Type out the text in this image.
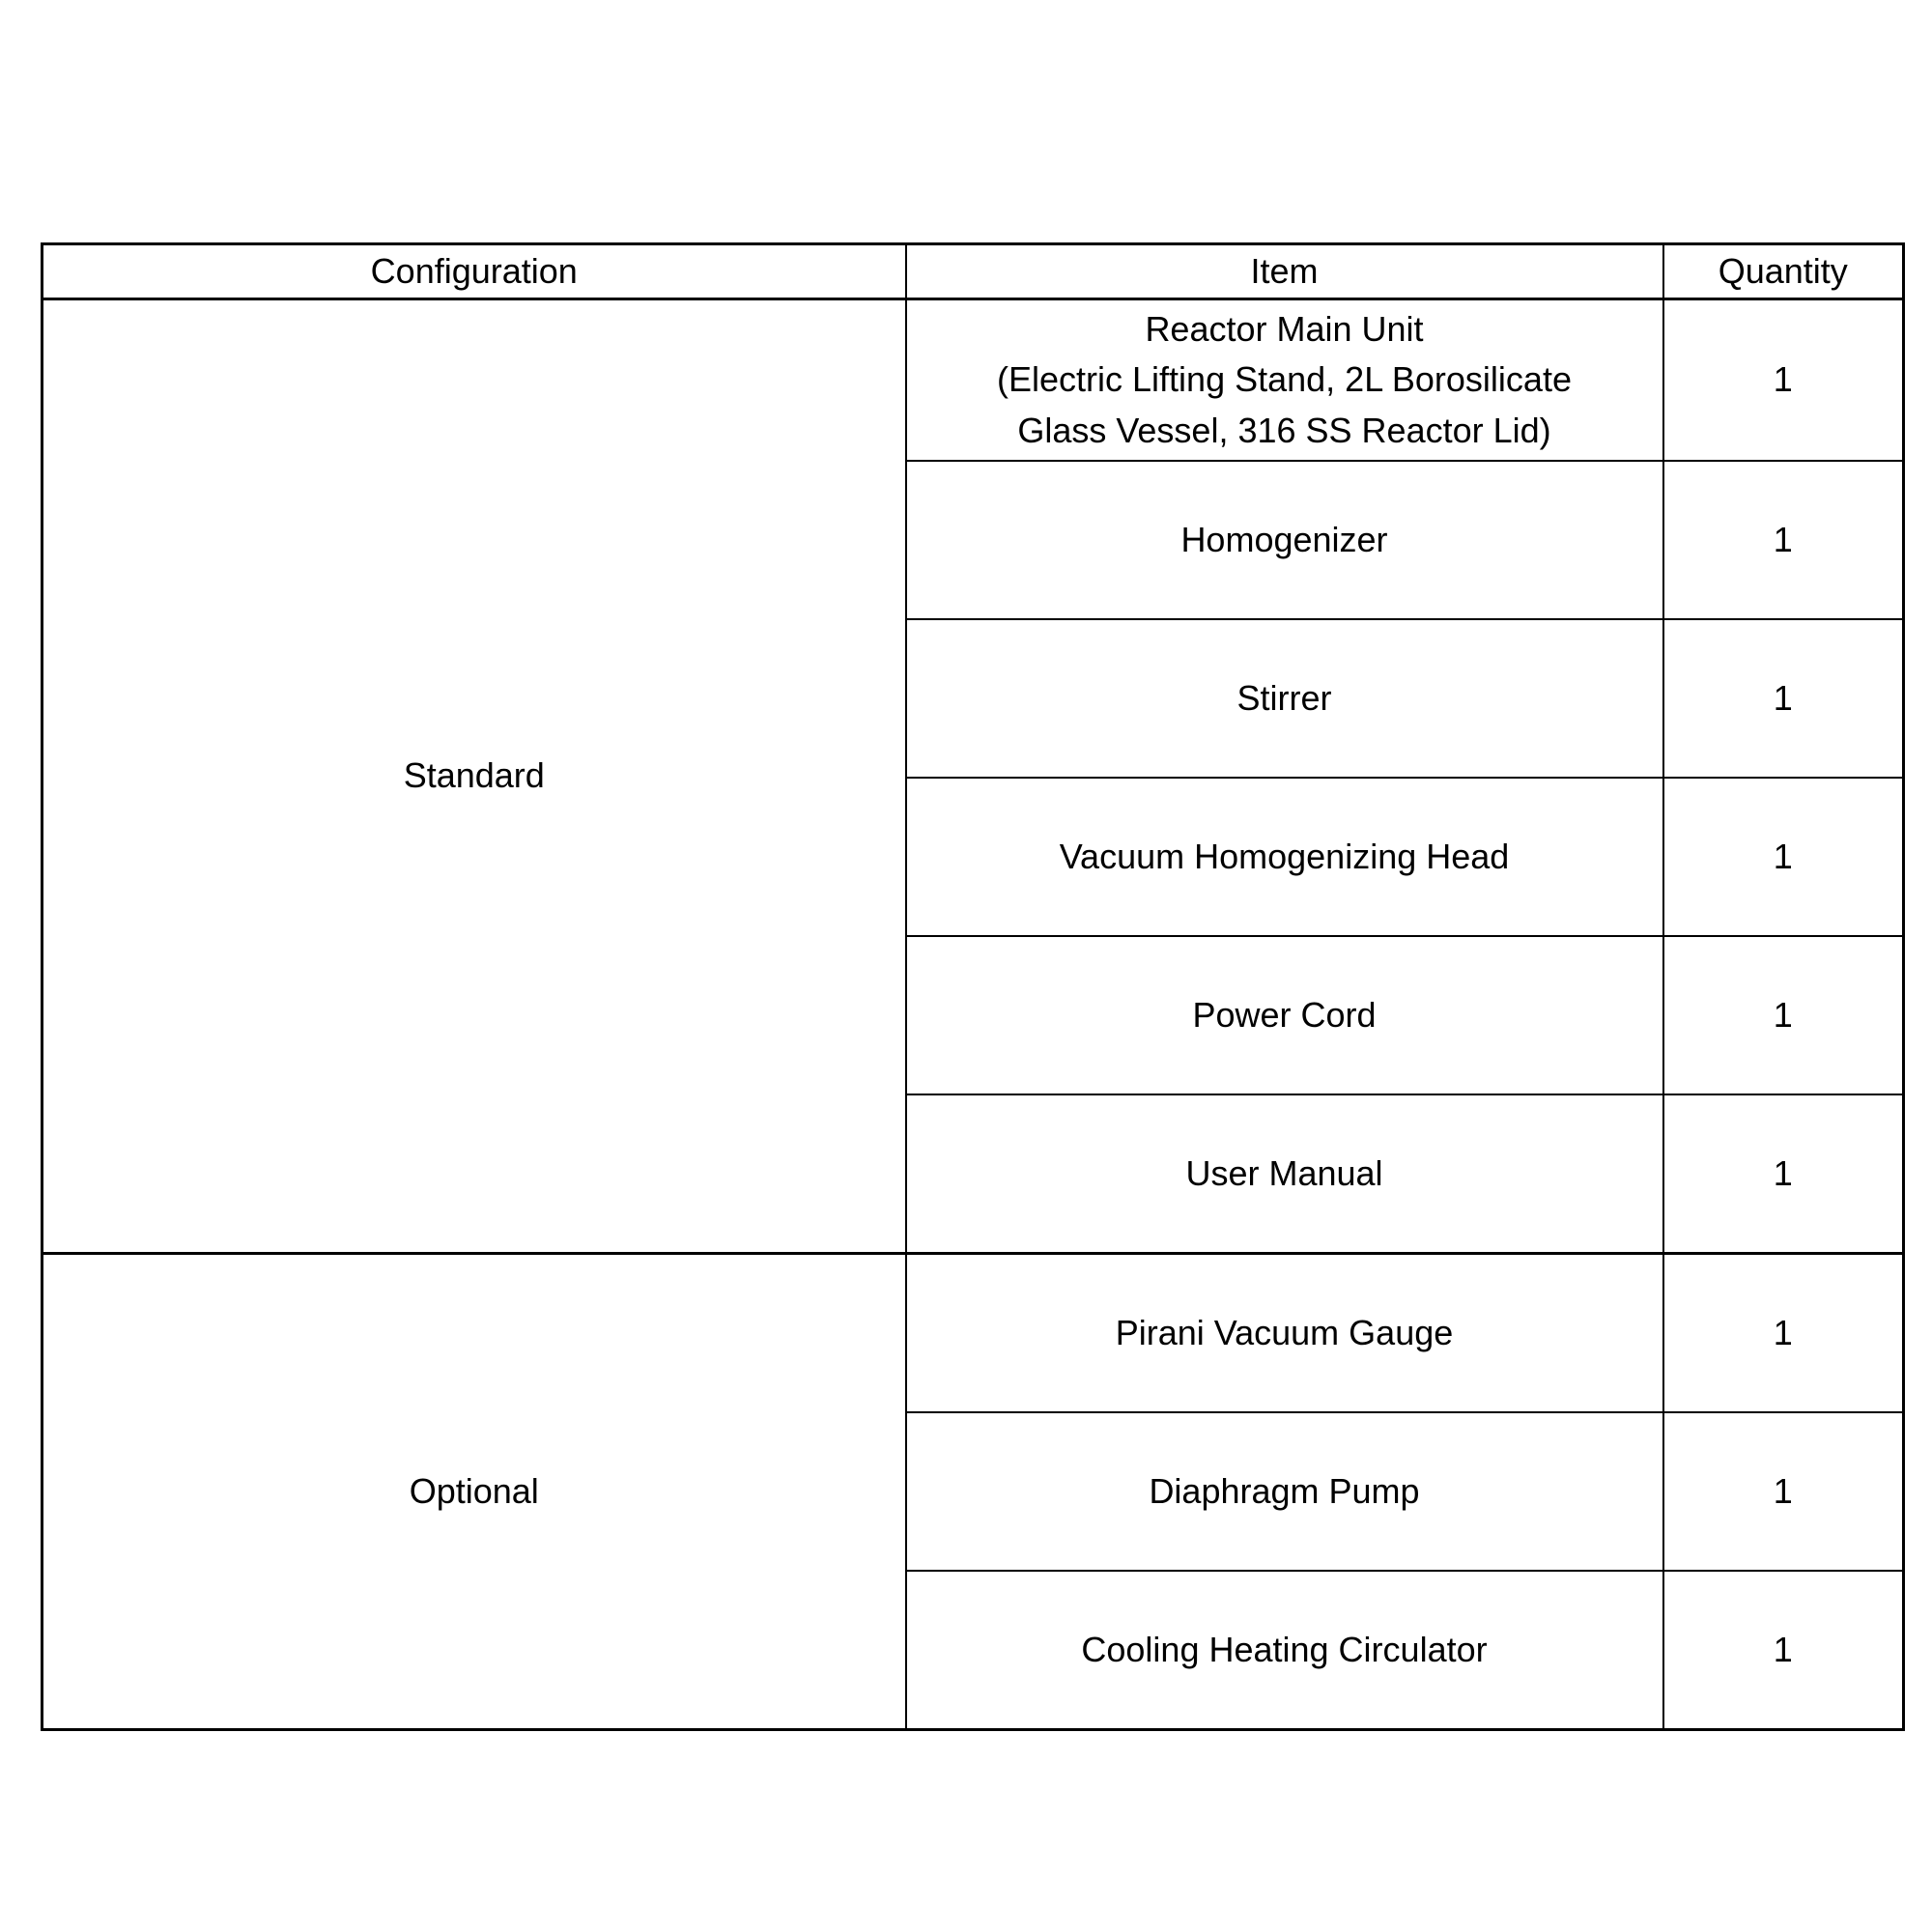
Configuration	Item	Quantity
Standard	Reactor Main Unit
(Electric Lifting Stand, 2L Borosilicate
Glass Vessel, 316 SS Reactor Lid)	1
	Homogenizer	1
	Stirrer	1
	Vacuum Homogenizing Head	1
	Power Cord	1
	User Manual	1
Optional	Pirani Vacuum Gauge	1
	Diaphragm Pump	1
	Cooling Heating Circulator	1
